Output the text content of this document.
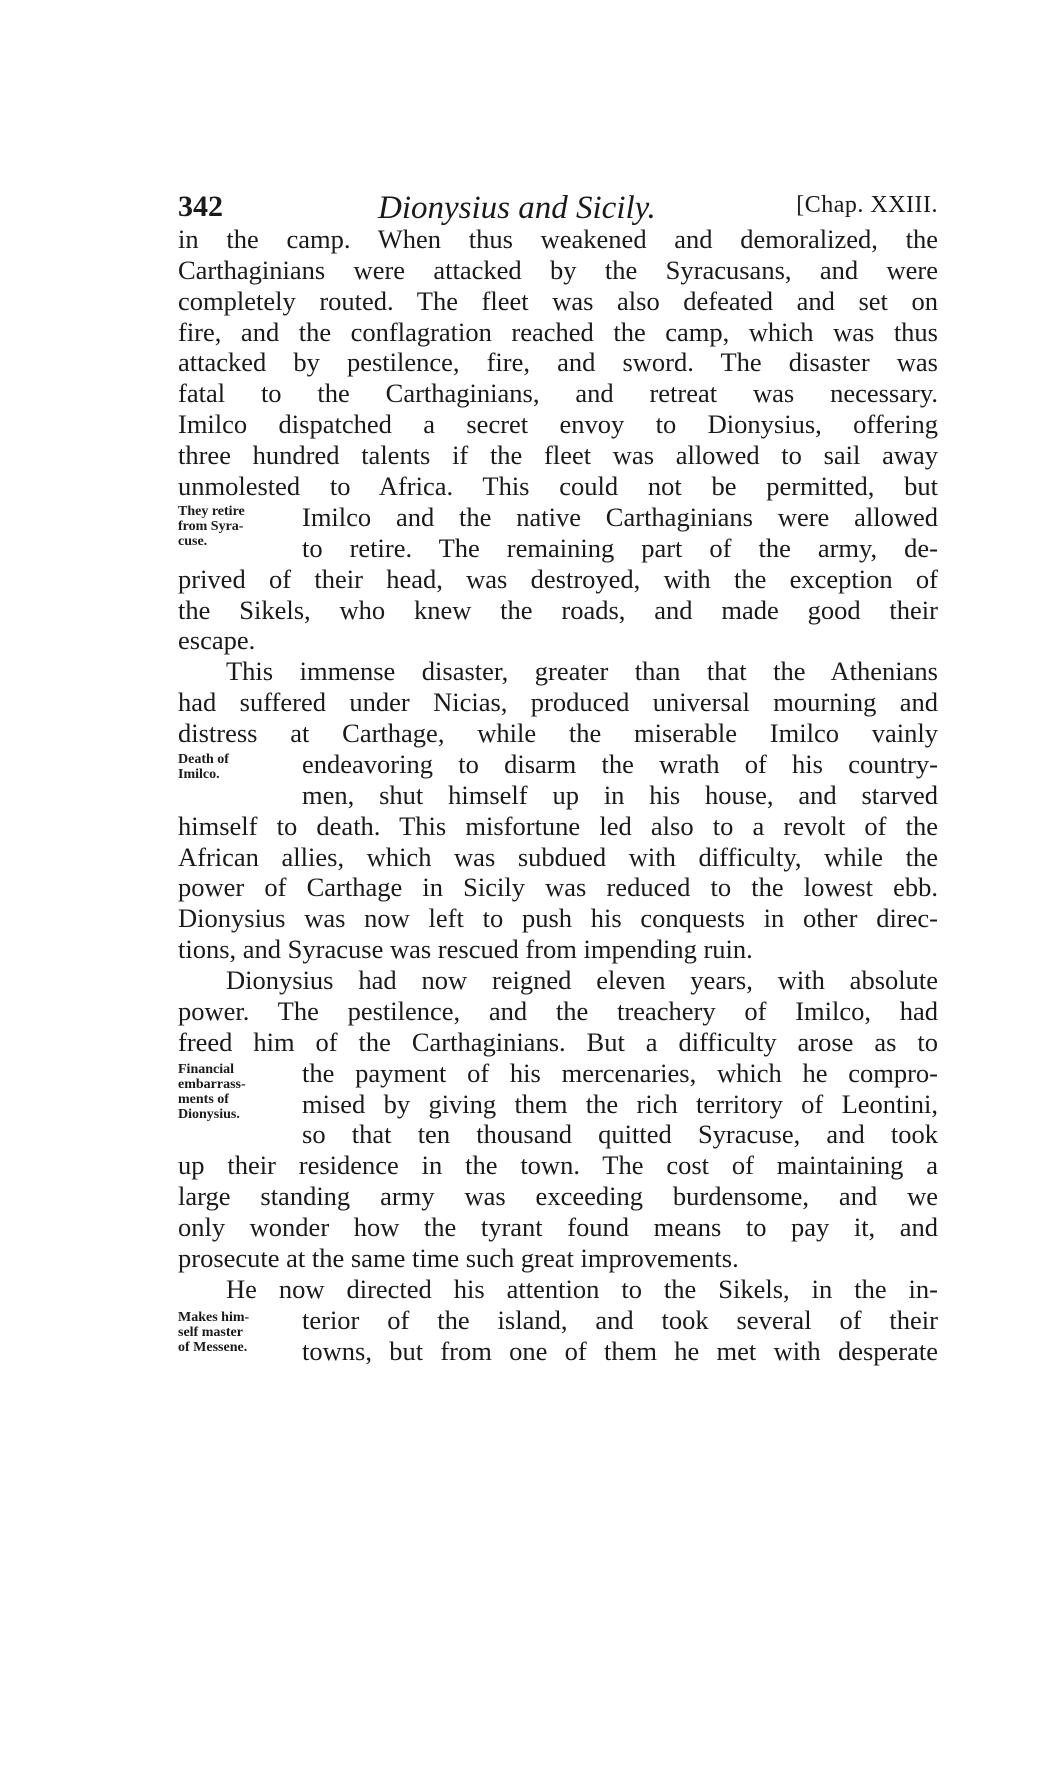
342	Dionysius and Sicily.	[Chap. XXIII.
in the camp. When thus weakened and demoralized, the
Carthaginians were attacked by the Syracusans, and were
completely routed. The fleet was also defeated and set on
fire, and the conflagration reached the camp, which was thus
attacked by pestilence, fire, and sword. The disaster was
fatal to the Carthaginians, and retreat was necessary.
Imilco dispatched a secret envoy to Dionysius, offering
three hundred talents if the fleet was allowed to sail away
unmolested to Africa. This could not be permitted, but
Imilco and the native Carthaginians were allowed
to retire. The remaining part of the army, de-
prived of their head, was destroyed, with the exception of
the Sikels, who knew the roads, and made good their
escape.
This immense disaster, greater than that the Athenians
had suffered under Nicias, produced universal mourning and
distress at Carthage, while the miserable Imilco vainly
endeavoring to disarm the wrath of his country-
men, shut himself up in his house, and starved
himself to death. This misfortune led also to a revolt of the
African allies, which was subdued with difficulty, while the
power of Carthage in Sicily was reduced to the lowest ebb.
Dionysius was now left to push his conquests in other direc-
tions, and Syracuse was rescued from impending ruin.
Dionysius had now reigned eleven years, with absolute
power. The pestilence, and the treachery of Imilco, had
freed him of the Carthaginians. But a difficulty arose as to
the payment of his mercenaries, which he compro-
mised by giving them the rich territory of Leontini,
so that ten thousand quitted Syracuse, and took
up their residence in the town. The cost of maintaining a
large standing army was exceeding burdensome, and we
only wonder how the tyrant found means to pay it, and
prosecute at the same time such great improvements.
He now directed his attention to the Sikels, in the in-
terior of the island, and took several of their
towns, but from one of them he met with desperate
They retire
from Syra-
cuse.
Death of
Imilco.
Financial
embarrass-
ments of
Dionysius.
Makes him-
self master
of Messene.
